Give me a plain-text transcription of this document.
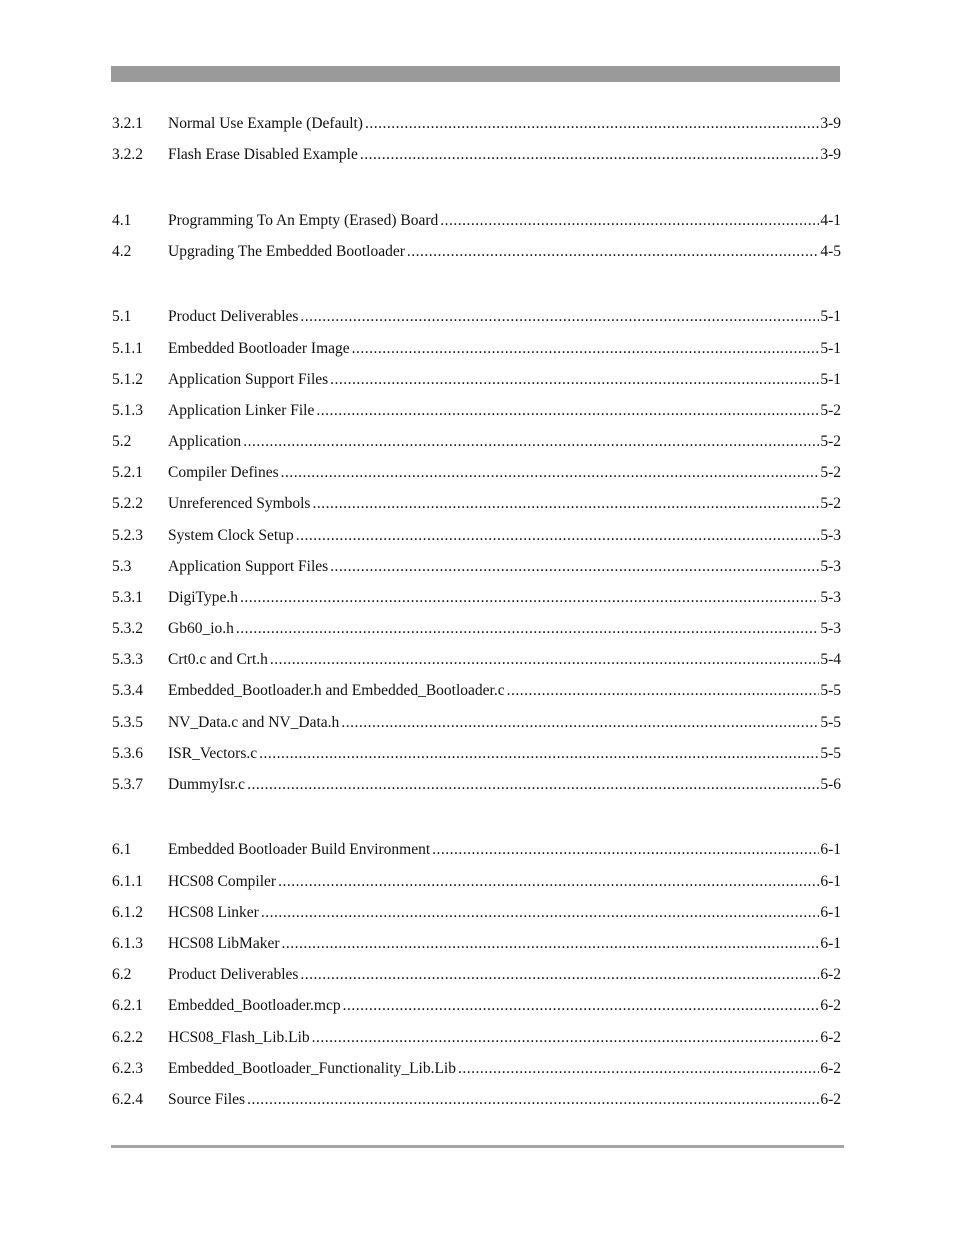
3.2.1	Normal Use Example (Default) .....	3-9
3.2.2	Flash Erase Disabled Example .....	3-9
4.1	Programming To An Empty (Erased) Board .....	4-1
4.2	Upgrading The Embedded Bootloader .....	4-5
5.1	Product Deliverables .....	5-1
5.1.1	Embedded Bootloader Image .....	5-1
5.1.2	Application Support Files .....	5-1
5.1.3	Application Linker File .....	5-2
5.2	Application .....	5-2
5.2.1	Compiler Defines .....	5-2
5.2.2	Unreferenced Symbols .....	5-2
5.2.3	System Clock Setup .....	5-3
5.3	Application Support Files .....	5-3
5.3.1	DigiType.h .....	5-3
5.3.2	Gb60_io.h .....	5-3
5.3.3	Crt0.c and Crt.h .....	5-4
5.3.4	Embedded_Bootloader.h and Embedded_Bootloader.c .....	5-5
5.3.5	NV_Data.c and NV_Data.h .....	5-5
5.3.6	ISR_Vectors.c .....	5-5
5.3.7	DummyIsr.c .....	5-6
6.1	Embedded Bootloader Build Environment .....	6-1
6.1.1	HCS08 Compiler .....	6-1
6.1.2	HCS08 Linker .....	6-1
6.1.3	HCS08 LibMaker .....	6-1
6.2	Product Deliverables .....	6-2
6.2.1	Embedded_Bootloader.mcp .....	6-2
6.2.2	HCS08_Flash_Lib.Lib .....	6-2
6.2.3	Embedded_Bootloader_Functionality_Lib.Lib .....	6-2
6.2.4	Source Files .....	6-2
